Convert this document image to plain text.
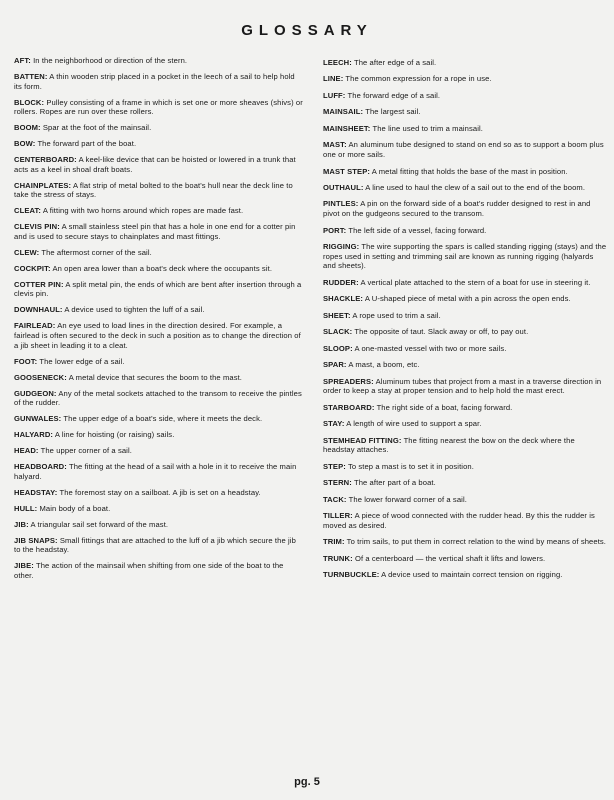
GLOSSARY
AFT: In the neighborhood or direction of the stern.
BATTEN: A thin wooden strip placed in a pocket in the leech of a sail to help hold its form.
BLOCK: Pulley consisting of a frame in which is set one or more sheaves (shivs) or rollers. Ropes are run over these rollers.
BOOM: Spar at the foot of the mainsail.
BOW: The forward part of the boat.
CENTERBOARD: A keel-like device that can be hoisted or lowered in a trunk that acts as a keel in shoal draft boats.
CHAINPLATES: A flat strip of metal bolted to the boat's hull near the deck line to take the stress of stays.
CLEAT: A fitting with two horns around which ropes are made fast.
CLEVIS PIN: A small stainless steel pin that has a hole in one end for a cotter pin and is used to secure stays to chainplates and mast fittings.
CLEW: The aftermost corner of the sail.
COCKPIT: An open area lower than a boat's deck where the occupants sit.
COTTER PIN: A split metal pin, the ends of which are bent after insertion through a clevis pin.
DOWNHAUL: A device used to tighten the luff of a sail.
FAIRLEAD: An eye used to load lines in the direction desired. For example, a fairlead is often secured to the deck in such a position as to change the direction of a jib sheet in leading it to a cleat.
FOOT: The lower edge of a sail.
GOOSENECK: A metal device that secures the boom to the mast.
GUDGEON: Any of the metal sockets attached to the transom to receive the pintles of the rudder.
GUNWALES: The upper edge of a boat's side, where it meets the deck.
HALYARD: A line for hoisting (or raising) sails.
HEAD: The upper corner of a sail.
HEADBOARD: The fitting at the head of a sail with a hole in it to receive the main halyard.
HEADSTAY: The foremost stay on a sailboat. A jib is set on a headstay.
HULL: Main body of a boat.
JIB: A triangular sail set forward of the mast.
JIB SNAPS: Small fittings that are attached to the luff of a jib which secure the jib to the headstay.
JIBE: The action of the mainsail when shifting from one side of the boat to the other.
LEECH: The after edge of a sail.
LINE: The common expression for a rope in use.
LUFF: The forward edge of a sail.
MAINSAIL: The largest sail.
MAINSHEET: The line used to trim a mainsail.
MAST: An aluminum tube designed to stand on end so as to support a boom plus one or more sails.
MAST STEP: A metal fitting that holds the base of the mast in position.
OUTHAUL: A line used to haul the clew of a sail out to the end of the boom.
PINTLES: A pin on the forward side of a boat's rudder designed to rest in and pivot on the gudgeons secured to the transom.
PORT: The left side of a vessel, facing forward.
RIGGING: The wire supporting the spars is called standing rigging (stays) and the ropes used in setting and trimming sail are known as running rigging (halyards and sheets).
RUDDER: A vertical plate attached to the stern of a boat for use in steering it.
SHACKLE: A U-shaped piece of metal with a pin across the open ends.
SHEET: A rope used to trim a sail.
SLACK: The opposite of taut. Slack away or off, to pay out.
SLOOP: A one-masted vessel with two or more sails.
SPAR: A mast, a boom, etc.
SPREADERS: Aluminum tubes that project from a mast in a traverse direction in order to keep a stay at proper tension and to help hold the mast erect.
STARBOARD: The right side of a boat, facing forward.
STAY: A length of wire used to support a spar.
STEMHEAD FITTING: The fitting nearest the bow on the deck where the headstay attaches.
STEP: To step a mast is to set it in position.
STERN: The after part of a boat.
TACK: The lower forward corner of a sail.
TILLER: A piece of wood connected with the rudder head. By this the rudder is moved as desired.
TRIM: To trim sails, to put them in correct relation to the wind by means of sheets.
TRUNK: Of a centerboard — the vertical shaft it lifts and lowers.
TURNBUCKLE: A device used to maintain correct tension on rigging.
pg. 5
